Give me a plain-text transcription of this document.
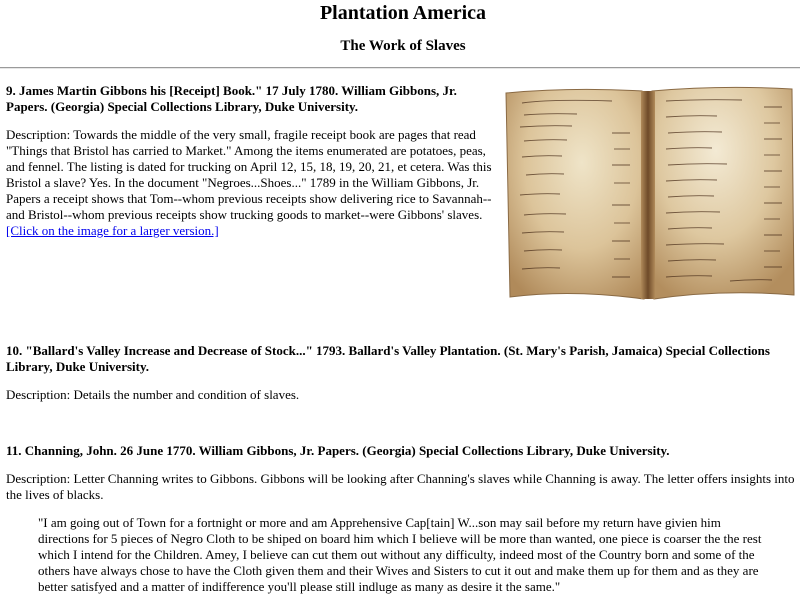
Plantation America
The Work of Slaves

9. James Martin Gibbons his [Receipt] Book." 17 July 1780. William Gibbons, Jr. Papers. (Georgia) Special Collections Library, Duke University.

Description: Towards the middle of the very small, fragile receipt book are pages that read "Things that Bristol has carried to Market." Among the items enumerated are potatoes, peas, and fennel. The listing is dated for trucking on April 12, 15, 18, 19, 20, 21, et cetera. Was this Bristol a slave? Yes. In the document "Negroes...Shoes..." 1789 in the William Gibbons, Jr. Papers a receipt shows that Tom--whom previous receipts show delivering rice to Savannah--and Bristol--whom previous receipts show trucking goods to market--were Gibbons' slaves.

[Click on the image for a larger version.]

10. "Ballard's Valley Increase and Decrease of Stock..." 1793. Ballard's Valley Plantation. (St. Mary's Parish, Jamaica) Special Collections Library, Duke University.

Description: Details the number and condition of slaves.

11. Channing, John. 26 June 1770. William Gibbons, Jr. Papers. (Georgia) Special Collections Library, Duke University.

Description: Letter Channing writes to Gibbons. Gibbons will be looking after Channing's slaves while Channing is away. The letter offers insights into the lives of blacks.

"I am going out of Town for a fortnight or more and am Apprehensive Cap[tain] W...son may sail before my return have givien him directions for 5 pieces of Negro Cloth to be shiped on board him which I believe will be more than wanted, one piece is coarser the the rest which I intend for the Children. Amey, I believe can cut them out without any difficulty, indeed most of the Country born and some of the others have always chose to have the Cloth given them and their Wives and Sisters to cut it out and make them up for them and as they are better satisfyed and a matter of indifference you'll please still indluge as many as desire it the same."
